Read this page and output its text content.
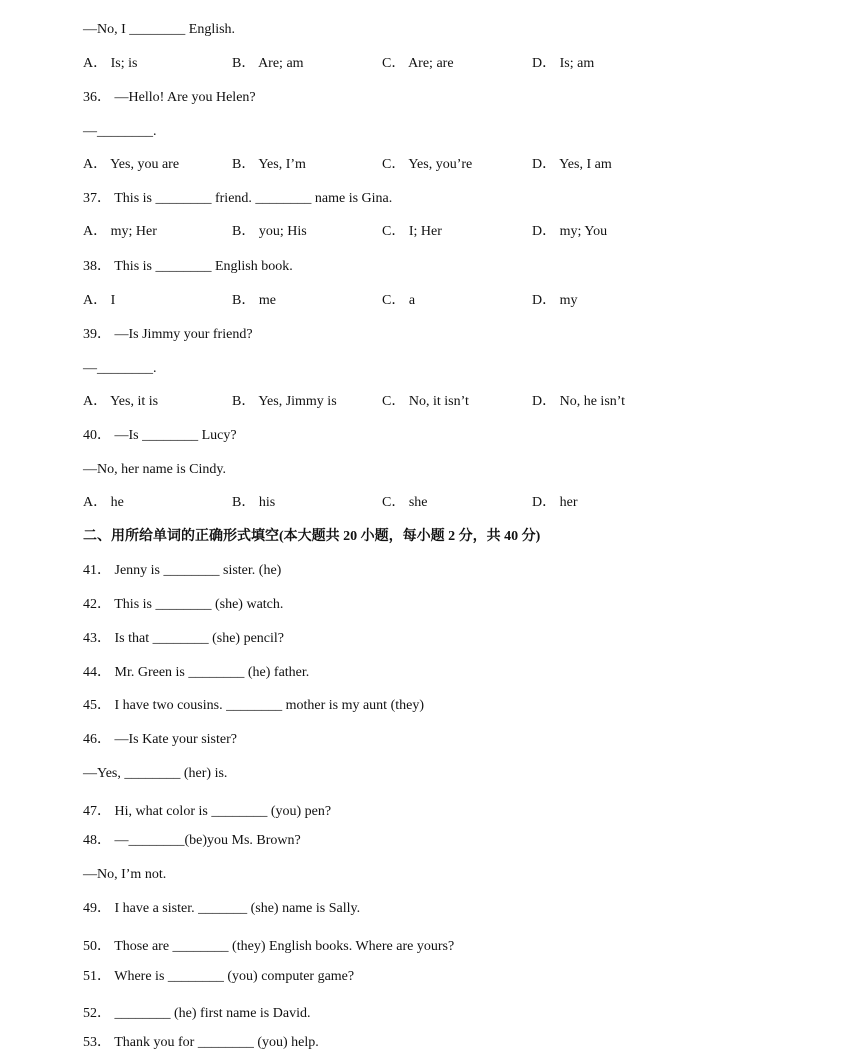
—No, I ________ English.
A． Is; is	B． Are; am	C． Are; are	D． Is; am
36． —Hello! Are you Helen?
—________.
A． Yes, you are	B． Yes, I’m	C． Yes, you’re	D． Yes, I am
37． This is ________ friend. ________ name is Gina.
A． my; Her	B． you; His	C． I; Her	D． my; You
38． This is ________ English book.
A． I	B． me	C． a	D． my
39． —Is Jimmy your friend?
—________.
A． Yes, it is	B． Yes, Jimmy is	C． No, it isn’t	D． No, he isn’t
40． —Is ________ Lucy?
—No, her name is Cindy.
A． he	B． his	C． she	D． her
二、用所给单词的正确形式填空(本大题共 20 小题，每小题 2 分，共 40 分)
41． Jenny is ________ sister. (he)
42． This is ________ (she) watch.
43． Is that ________ (she) pencil?
44． Mr. Green is ________ (he) father.
45． I have two cousins. ________ mother is my aunt (they)
46． —Is Kate your sister?
—Yes, ________ (her) is.
47． Hi, what color is ________ (you) pen?
48． —________(be)you Ms. Brown?
—No, I’m not.
49． I have a sister. _______ (she) name is Sally.
50． Those are ________ (they) English books. Where are yours?
51． Where is ________ (you) computer game?
52． ________ (he) first name is David.
53． Thank you for ________ (you) help.
